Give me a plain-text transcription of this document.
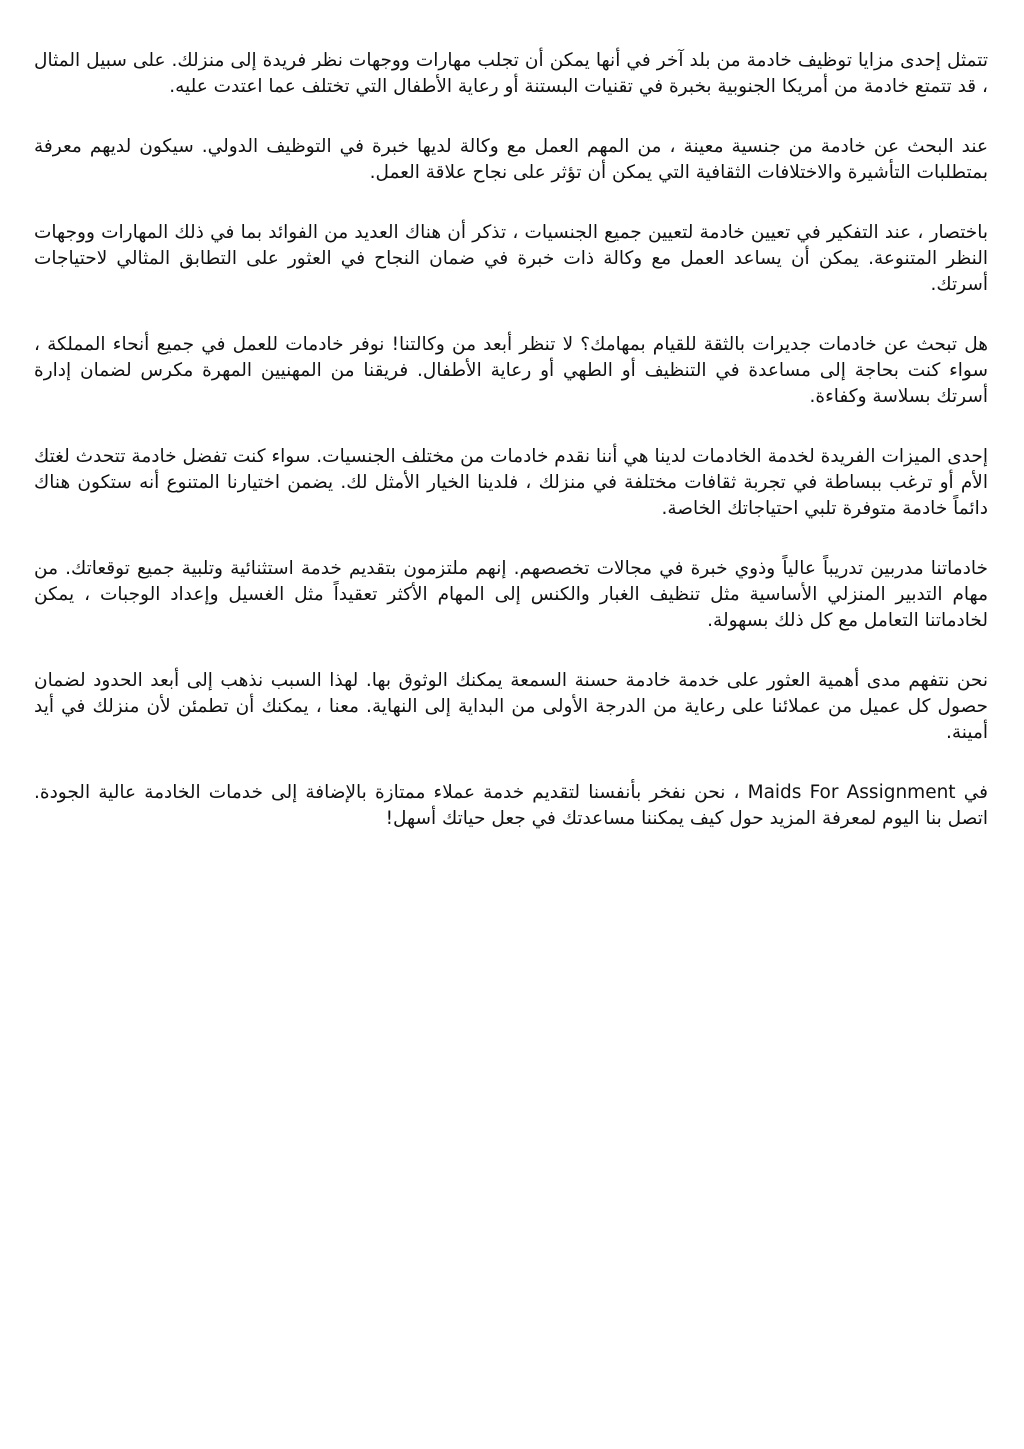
تتمثل إحدى مزايا توظيف خادمة من بلد آخر في أنها يمكن أن تجلب مهارات ووجهات نظر فريدة إلى منزلك. على سبيل المثال ، قد تتمتع خادمة من أمريكا الجنوبية بخبرة في تقنيات البستنة أو رعاية الأطفال التي تختلف عما اعتدت عليه.

عند البحث عن خادمة من جنسية معينة ، من المهم العمل مع وكالة لديها خبرة في التوظيف الدولي. سيكون لديهم معرفة بمتطلبات التأشيرة والاختلافات الثقافية التي يمكن أن تؤثر على نجاح علاقة العمل.

باختصار ، عند التفكير في تعيين خادمة لتعيين جميع الجنسيات ، تذكر أن هناك العديد من الفوائد بما في ذلك المهارات ووجهات النظر المتنوعة. يمكن أن يساعد العمل مع وكالة ذات خبرة في ضمان النجاح في العثور على التطابق المثالي لاحتياجات أسرتك.

هل تبحث عن خادمات جديرات بالثقة للقيام بمهامك؟ لا تنظر أبعد من وكالتنا! نوفر خادمات للعمل في جميع أنحاء المملكة ، سواء كنت بحاجة إلى مساعدة في التنظيف أو الطهي أو رعاية الأطفال. فريقنا من المهنيين المهرة مكرس لضمان إدارة أسرتك بسلاسة وكفاءة.

إحدى الميزات الفريدة لخدمة الخادمات لدينا هي أننا نقدم خادمات من مختلف الجنسيات. سواء كنت تفضل خادمة تتحدث لغتك الأم أو ترغب ببساطة في تجربة ثقافات مختلفة في منزلك ، فلدينا الخيار الأمثل لك. يضمن اختيارنا المتنوع أنه ستكون هناك دائماً خادمة متوفرة تلبي احتياجاتك الخاصة.

خادماتنا مدربين تدريباً عالياً وذوي خبرة في مجالات تخصصهم. إنهم ملتزمون بتقديم خدمة استثنائية وتلبية جميع توقعاتك. من مهام التدبير المنزلي الأساسية مثل تنظيف الغبار والكنس إلى المهام الأكثر تعقيداً مثل الغسيل وإعداد الوجبات ، يمكن لخادماتنا التعامل مع كل ذلك بسهولة.

نحن نتفهم مدى أهمية العثور على خدمة خادمة حسنة السمعة يمكنك الوثوق بها. لهذا السبب نذهب إلى أبعد الحدود لضمان حصول كل عميل من عملائنا على رعاية من الدرجة الأولى من البداية إلى النهاية. معنا ، يمكنك أن تطمئن لأن منزلك في أيد أمينة.

في Maids For Assignment ، نحن نفخر بأنفسنا لتقديم خدمة عملاء ممتازة بالإضافة إلى خدمات الخادمة عالية الجودة. اتصل بنا اليوم لمعرفة المزيد حول كيف يمكننا مساعدتك في جعل حياتك أسهل!
